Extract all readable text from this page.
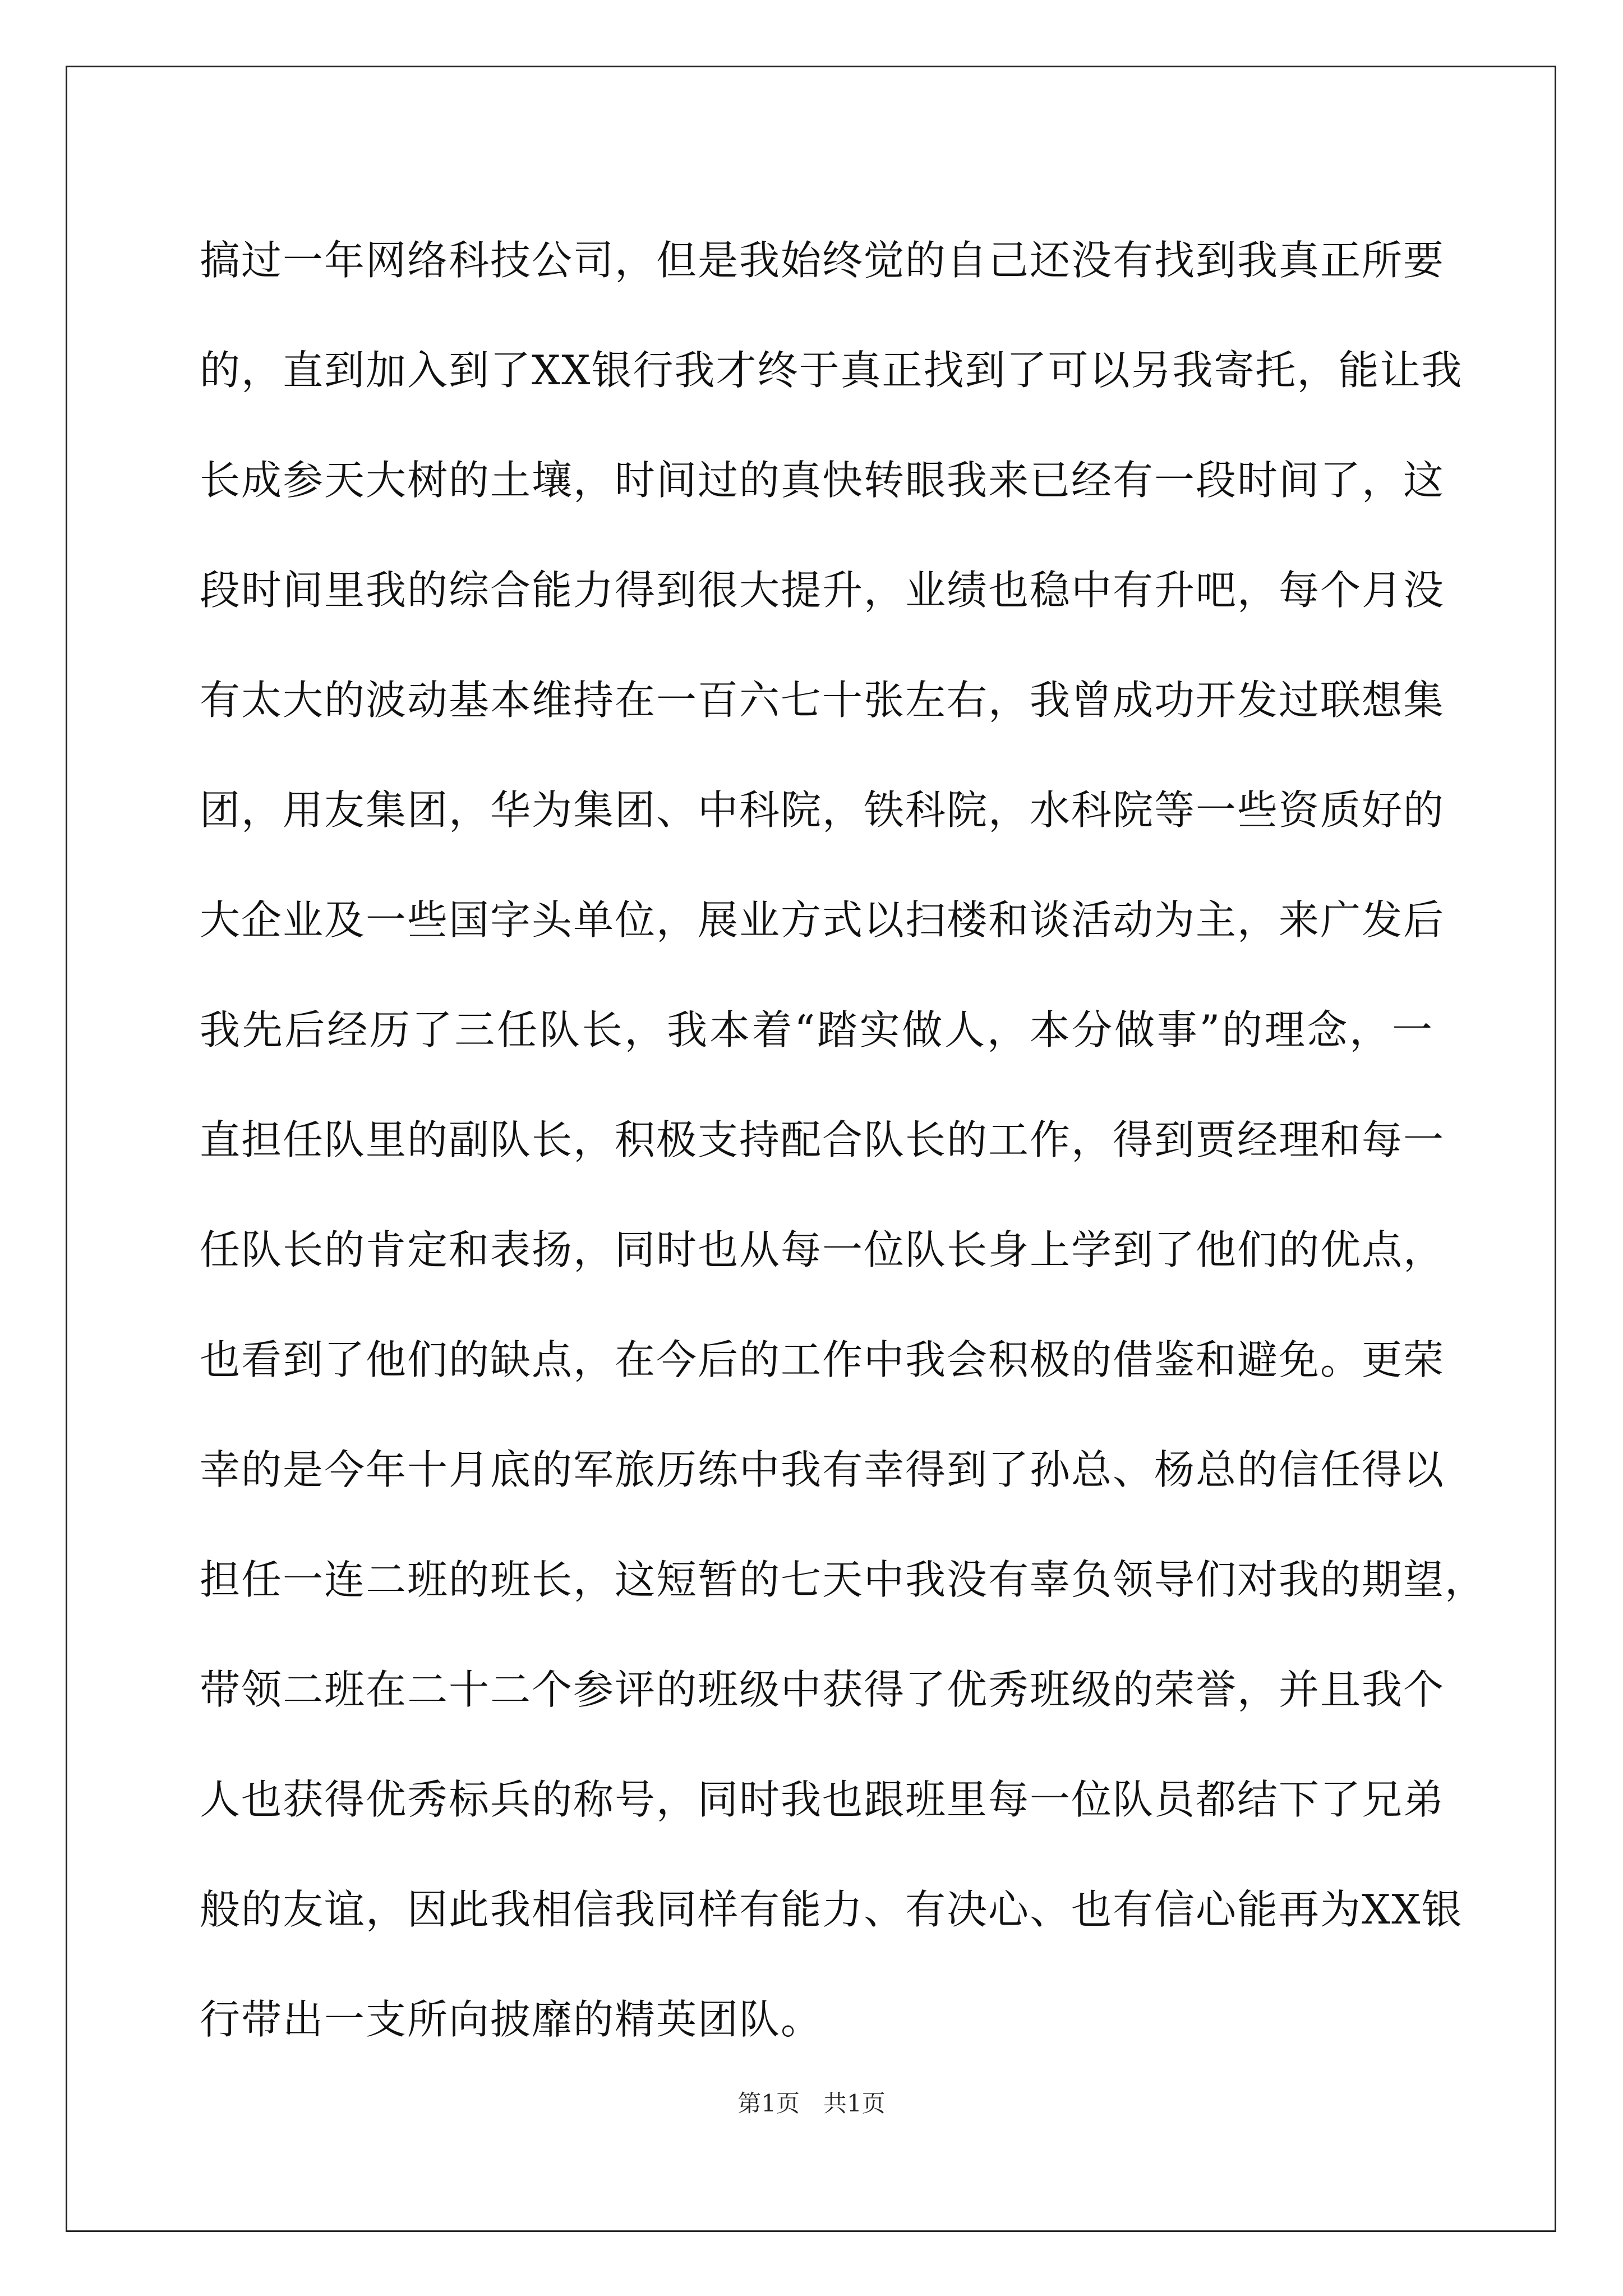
搞过一年网络科技公司，但是我始终觉的自己还没有找到我真正所要
的，直到加入到了XX银行我才终于真正找到了可以另我寄托，能让我
长成参天大树的土壤，时间过的真快转眼我来已经有一段时间了，这
段时间里我的综合能力得到很大提升，业绩也稳中有升吧，每个月没
有太大的波动基本维持在一百六七十张左右，我曾成功开发过联想集
团，用友集团，华为集团、中科院，铁科院，水科院等一些资质好的
大企业及一些国字头单位，展业方式以扫楼和谈活动为主，来广发后
我先后经历了三任队长，我本着“踏实做人，本分做事”的理念，一
直担任队里的副队长，积极支持配合队长的工作，得到贾经理和每一
任队长的肯定和表扬，同时也从每一位队长身上学到了他们的优点，
也看到了他们的缺点，在今后的工作中我会积极的借鉴和避免。更荣
幸的是今年十月底的军旅历练中我有幸得到了孙总、杨总的信任得以
担任一连二班的班长，这短暂的七天中我没有辜负领导们对我的期望，
带领二班在二十二个参评的班级中获得了优秀班级的荣誉，并且我个
人也获得优秀标兵的称号，同时我也跟班里每一位队员都结下了兄弟
般的友谊，因此我相信我同样有能力、有决心、也有信心能再为XX银
行带出一支所向披靡的精英团队。
第1页　共1页
